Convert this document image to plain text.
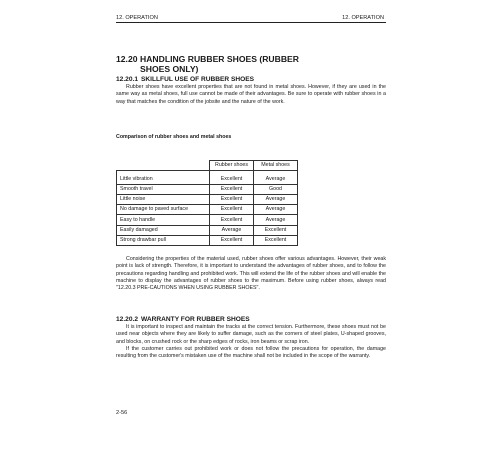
12. OPERATION	12. OPERATION
12.20 HANDLING RUBBER SHOES (RUBBER
SHOES ONLY)
12.20.1 SKILLFUL USE OF RUBBER SHOES

Rubber shoes have excellent properties that are not found in metal shoes. However, if they are used in the same way as metal shoes, full use cannot be made of their advantages. Be sure to operate with rubber shoes in a way that matches the condition of the jobsite and the nature of the work.

Comparison of rubber shoes and metal shoes
	Rubber shoes	Metal shoes

Little vibration	Excellent	Average
Smooth travel	Excellent	Good
Little noise	Excellent	Average
No damage to paved surface	Excellent	Average
Easy to handle	Excellent	Average
Easily damaged	Average	Excellent
Strong drawbar pull	Excellent	Excellent

Considering the properties of the material used, rubber shoes offer various advantages. However, their weak point is lack of strength. Therefore, it is important to understand the advantages of rubber shoes, and to follow the precautions regarding handling and prohibited work. This will extend the life of the rubber shoes and will enable the machine to display the advantages of rubber shoes to the maximum. Before using rubber shoes, always read "12.20.3 PRE-CAUTIONS WHEN USING RUBBER SHOES".

12.20.2 WARRANTY FOR RUBBER SHOES

It is important to inspect and maintain the tracks at the correct tension. Furthermore, these shoes must not be used near objects where they are likely to suffer damage, such as the corners of steel plates, U-shaped grooves, and blocks, on crushed rock or the sharp edges of rocks, iron beams or scrap iron.

If the customer carries out prohibited work or does not follow the precautions for operation, the damage resulting from the customer's mistaken use of the machine shall not be included in the scope of the warranty.

2-56
